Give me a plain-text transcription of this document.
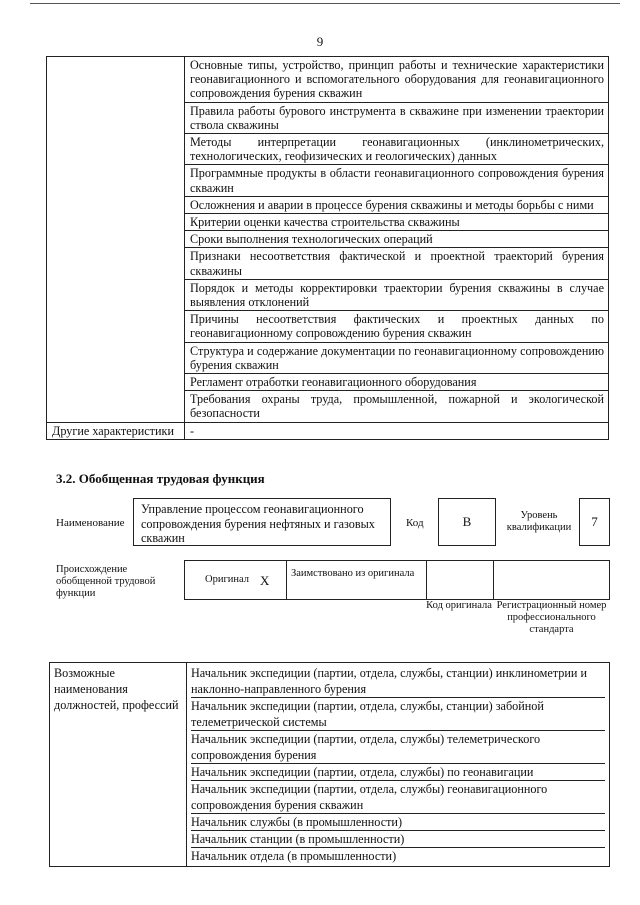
9
	Основные типы, устройство, принцип работы и технические характеристики геонавигационного и вспомогательного оборудования для геонавигационного сопровождения бурения скважин
	Правила работы бурового инструмента в скважине при изменении траектории ствола скважины
	Методы интерпретации геонавигационных (инклинометрических, технологических, геофизических и геологических) данных
	Программные продукты в области геонавигационного сопровождения бурения скважин
	Осложнения и аварии в процессе бурения скважины и методы борьбы с ними
	Критерии оценки качества строительства скважины
	Сроки выполнения технологических операций
	Признаки несоответствия фактической и проектной траекторий бурения скважины
	Порядок и методы корректировки траектории бурения скважины в случае выявления отклонений
	Причины несоответствия фактических и проектных данных по геонавигационному сопровождению бурения скважин
	Структура и содержание документации по геонавигационному сопровождению бурения скважин
	Регламент отработки геонавигационного оборудования
	Требования охраны труда, промышленной, пожарной и экологической безопасности
Другие характеристики	-
3.2. Обобщенная трудовая функция
Наименование
Управление процессом геонавигационного сопровождения бурения нефтяных и газовых скважин
Код	B	Уровень квалификации	7
Происхождение обобщенной трудовой функции
Оригинал X Заимствовано из оригинала
Код оригинала Регистрационный номер профессионального стандарта
Возможные наименования должностей, профессий	
Начальник экспедиции (партии, отдела, службы, станции) инклинометрии и наклонно-направленного бурения
Начальник экспедиции (партии, отдела, службы, станции) забойной телеметрической системы
Начальник экспедиции (партии, отдела, службы) телеметрического сопровождения бурения
Начальник экспедиции (партии, отдела, службы) по геонавигации
Начальник экспедиции (партии, отдела, службы) геонавигационного сопровождения бурения скважин
Начальник службы (в промышленности)
Начальник станции (в промышленности)
Начальник отдела (в промышленности)
